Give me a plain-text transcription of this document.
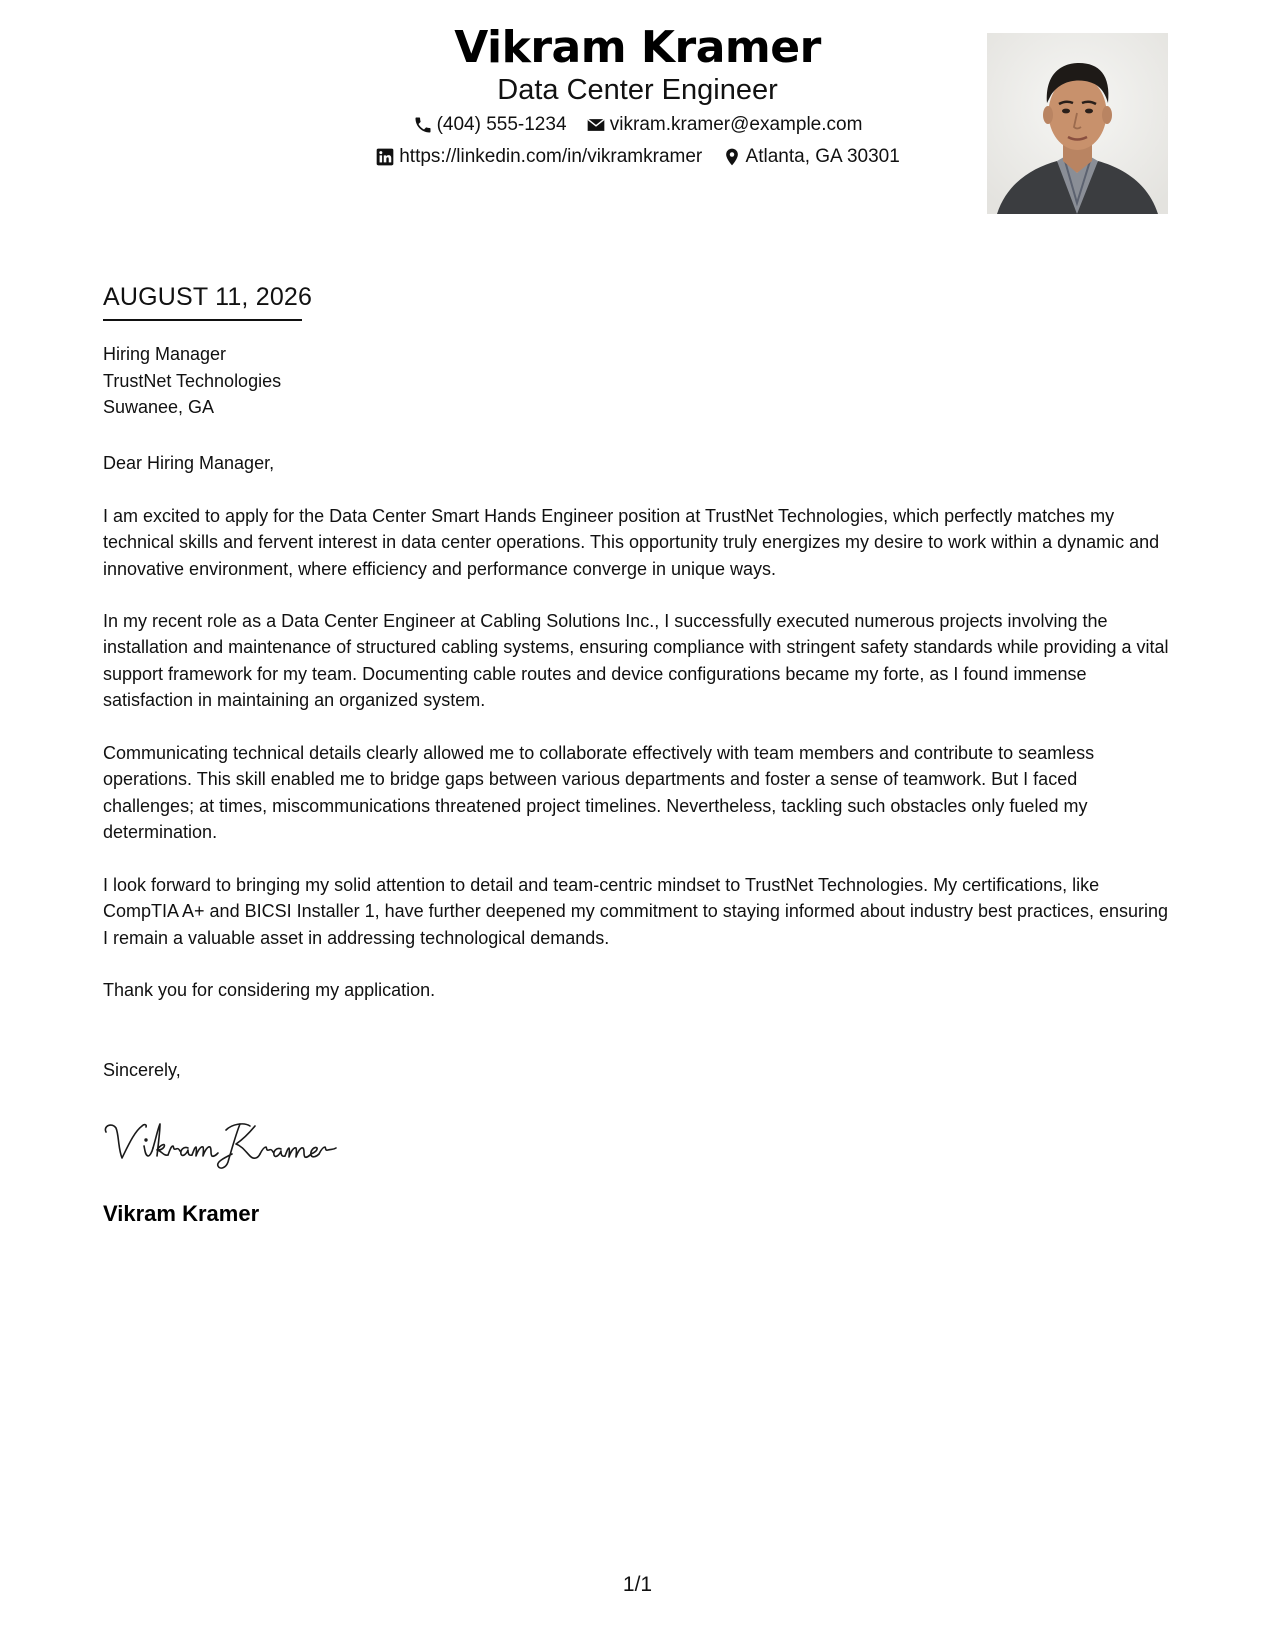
Vikram Kramer
Data Center Engineer
(404) 555-1234
vikram.kramer@example.com
https://linkedin.com/in/vikramkramer
Atlanta, GA 30301
AUGUST 11, 2026
Hiring Manager
TrustNet Technologies
Suwanee, GA
Dear Hiring Manager,

I am excited to apply for the Data Center Smart Hands Engineer position at TrustNet Technologies, which perfectly matches my technical skills and fervent interest in data center operations. This opportunity truly energizes my desire to work within a dynamic and innovative environment, where efficiency and performance converge in unique ways.

In my recent role as a Data Center Engineer at Cabling Solutions Inc., I successfully executed numerous projects involving the installation and maintenance of structured cabling systems, ensuring compliance with stringent safety standards while providing a vital support framework for my team. Documenting cable routes and device configurations became my forte, as I found immense satisfaction in maintaining an organized system.

Communicating technical details clearly allowed me to collaborate effectively with team members and contribute to seamless operations. This skill enabled me to bridge gaps between various departments and foster a sense of teamwork. But I faced challenges; at times, miscommunications threatened project timelines. Nevertheless, tackling such obstacles only fueled my determination.

I look forward to bringing my solid attention to detail and team-centric mindset to TrustNet Technologies. My certifications, like CompTIA A+ and BICSI Installer 1, have further deepened my commitment to staying informed about industry best practices, ensuring I remain a valuable asset in addressing technological demands.

Thank you for considering my application.

Sincerely,
Vikram Kramer
1/1
